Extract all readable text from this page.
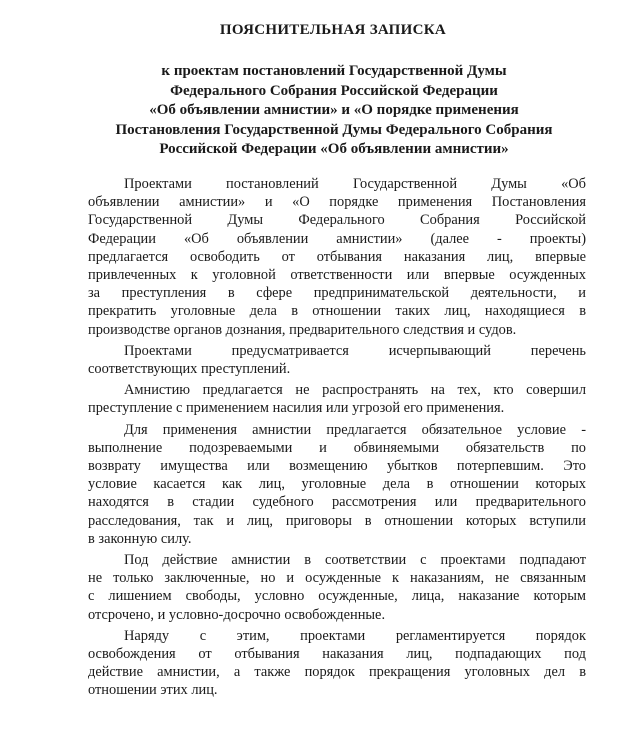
ПОЯСНИТЕЛЬНАЯ ЗАПИСКА
к проектам постановлений Государственной Думы
Федерального Собрания Российской Федерации
«Об объявлении амнистии» и «О порядке применения
Постановления Государственной Думы Федерального Собрания
Российской Федерации «Об объявлении амнистии»

Проектами постановлений Государственной Думы «Об
объявлении амнистии» и «О порядке применения Постановления
Государственной Думы Федерального Собрания Российской
Федерации «Об объявлении амнистии» (далее - проекты)
предлагается освободить от отбывания наказания лиц, впервые
привлеченных к уголовной ответственности или впервые осужденных
за преступления в сфере предпринимательской деятельности, и
прекратить уголовные дела в отношении таких лиц, находящиеся в
производстве органов дознания, предварительного следствия и судов.

Проектами предусматривается исчерпывающий перечень
соответствующих преступлений.

Амнистию предлагается не распространять на тех, кто совершил
преступление с применением насилия или угрозой его применения.

Для применения амнистии предлагается обязательное условие -
выполнение подозреваемыми и обвиняемыми обязательств по
возврату имущества или возмещению убытков потерпевшим. Это
условие касается как лиц, уголовные дела в отношении которых
находятся в стадии судебного рассмотрения или предварительного
расследования, так и лиц, приговоры в отношении которых вступили
в законную силу.

Под действие амнистии в соответствии с проектами подпадают
не только заключенные, но и осужденные к наказаниям, не связанным
с лишением свободы, условно осужденные, лица, наказание которым
отсрочено, и условно-досрочно освобожденные.

Наряду с этим, проектами регламентируется порядок
освобождения от отбывания наказания лиц, подпадающих под
действие амнистии, а также порядок прекращения уголовных дел в
отношении этих лиц.
